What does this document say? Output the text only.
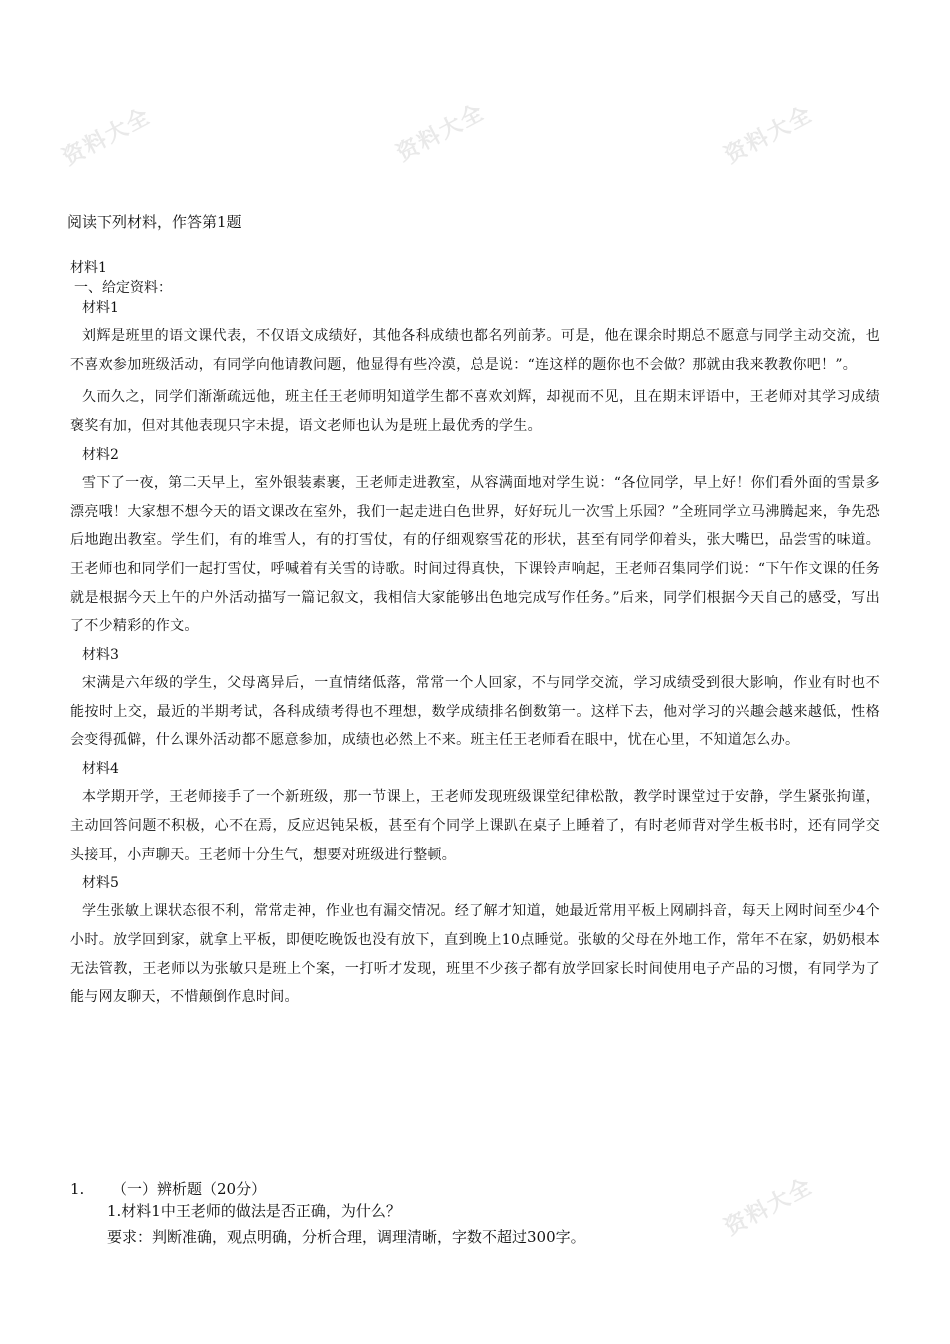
资料大全	资料大全	资料大全
资料大全
阅读下列材料，作答第1题
材料1
一、给定资料：
材料1

刘辉是班里的语文课代表，不仅语文成绩好，其他各科成绩也都名列前茅。可是，他在课余时期总不愿意与同学主动交流，也不喜欢参加班级活动，有同学向他请教问题，他显得有些冷漠，总是说：“连这样的题你也不会做？那就由我来教教你吧！”。

久而久之，同学们渐渐疏远他，班主任王老师明知道学生都不喜欢刘辉，却视而不见，且在期末评语中，王老师对其学习成绩褒奖有加，但对其他表现只字未提，语文老师也认为是班上最优秀的学生。

材料2

雪下了一夜，第二天早上，室外银装素裹，王老师走进教室，从容满面地对学生说：“各位同学，早上好！你们看外面的雪景多漂亮哦！大家想不想今天的语文课改在室外，我们一起走进白色世界，好好玩儿一次雪上乐园？”全班同学立马沸腾起来，争先恐后地跑出教室。学生们，有的堆雪人，有的打雪仗，有的仔细观察雪花的形状，甚至有同学仰着头，张大嘴巴，品尝雪的味道。王老师也和同学们一起打雪仗，呼喊着有关雪的诗歌。时间过得真快，下课铃声响起，王老师召集同学们说：“下午作文课的任务就是根据今天上午的户外活动描写一篇记叙文，我相信大家能够出色地完成写作任务。”后来，同学们根据今天自己的感受，写出了不少精彩的作文。

材料3

宋满是六年级的学生，父母离异后，一直情绪低落，常常一个人回家，不与同学交流，学习成绩受到很大影响，作业有时也不能按时上交，最近的半期考试，各科成绩考得也不理想，数学成绩排名倒数第一。这样下去，他对学习的兴趣会越来越低，性格会变得孤僻，什么课外活动都不愿意参加，成绩也必然上不来。班主任王老师看在眼中，忧在心里，不知道怎么办。

材料4

本学期开学，王老师接手了一个新班级，那一节课上，王老师发现班级课堂纪律松散，教学时课堂过于安静，学生紧张拘谨，主动回答问题不积极，心不在焉，反应迟钝呆板，甚至有个同学上课趴在桌子上睡着了，有时老师背对学生板书时，还有同学交头接耳，小声聊天。王老师十分生气，想要对班级进行整顿。

材料5

学生张敏上课状态很不利，常常走神，作业也有漏交情况。经了解才知道，她最近常用平板上网刷抖音，每天上网时间至少4个小时。放学回到家，就拿上平板，即便吃晚饭也没有放下，直到晚上10点睡觉。张敏的父母在外地工作，常年不在家，奶奶根本无法管教，王老师以为张敏只是班上个案，一打听才发现，班里不少孩子都有放学回家长时间使用电子产品的习惯，有同学为了能与网友聊天，不惜颠倒作息时间。

1. （一）辨析题（20分）
1.材料1中王老师的做法是否正确，为什么？
要求：判断准确，观点明确，分析合理，调理清晰，字数不超过300字。
